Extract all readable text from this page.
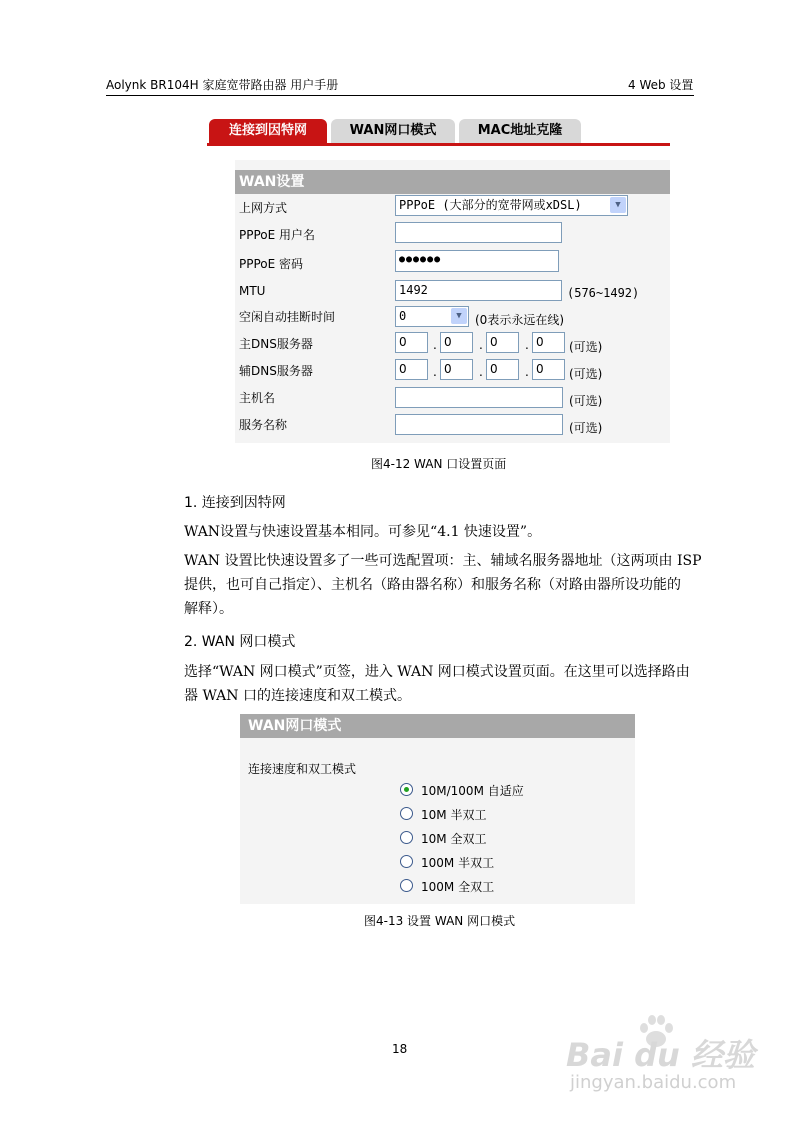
Aolynk BR104H 家庭宽带路由器 用户手册	4 Web 设置
连接到因特网	WAN网口模式	MAC地址克隆
WAN设置
上网方式	PPPoE (大部分的宽带网或xDSL)	▼
PPPoE 用户名
PPPoE 密码	●●●●●●
MTU	1492	(576~1492)
空闲自动挂断时间	0	▼	(0表示永远在线)
主DNS服务器	0	. 0	. 0	. 0	(可选)
辅DNS服务器	0	. 0	. 0	. 0	(可选)
主机名	(可选)
服务名称	(可选)
图4-12 WAN 口设置页面
1. 连接到因特网
WAN设置与快速设置基本相同。可参见“4.1 快速设置”。
WAN 设置比快速设置多了一些可选配置项：主、辅域名服务器地址（这两项由 ISP
提供，也可自己指定）、主机名（路由器名称）和服务名称（对路由器所设功能的
解释）。
2. WAN 网口模式
选择“WAN 网口模式”页签，进入 WAN 网口模式设置页面。在这里可以选择路由
器 WAN 口的连接速度和双工模式。
WAN网口模式
连接速度和双工模式
10M/100M 自适应
10M 半双工
10M 全双工
100M 半双工
100M 全双工
图4-13 设置 WAN 网口模式
18	Bai du 经验
jingyan.baidu.com
